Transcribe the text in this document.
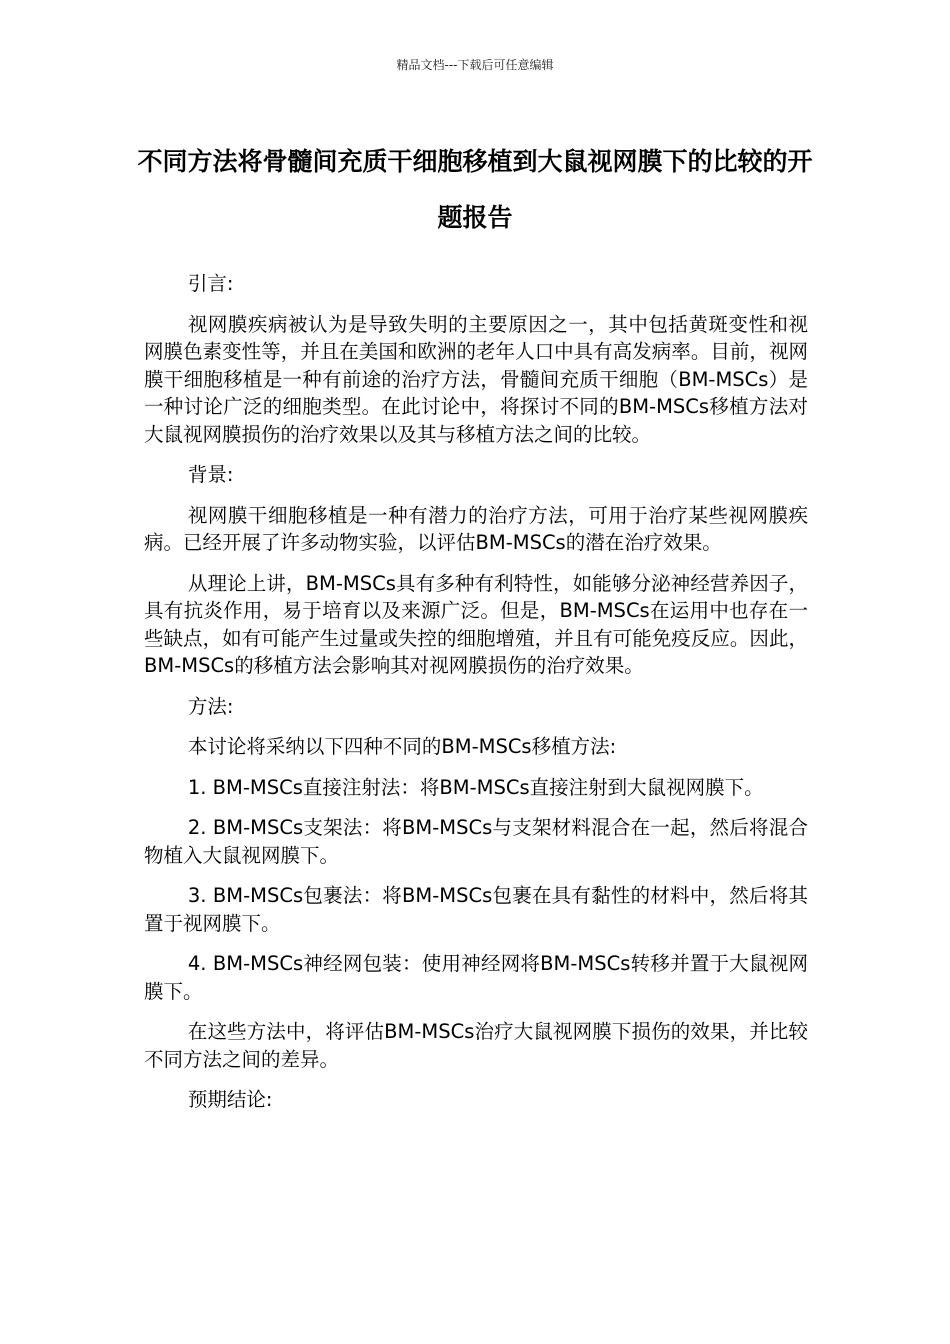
精品文档---下载后可任意编辑
不同方法将骨髓间充质干细胞移植到大鼠视网膜下的比较的开题报告

引言:

视网膜疾病被认为是导致失明的主要原因之一，其中包括黄斑变性和视网膜色素变性等，并且在美国和欧洲的老年人口中具有高发病率。目前，视网膜干细胞移植是一种有前途的治疗方法，骨髓间充质干细胞（BM-MSCs）是一种讨论广泛的细胞类型。在此讨论中，将探讨不同的BM-MSCs移植方法对大鼠视网膜损伤的治疗效果以及其与移植方法之间的比较。

背景:

视网膜干细胞移植是一种有潜力的治疗方法，可用于治疗某些视网膜疾病。已经开展了许多动物实验，以评估BM-MSCs的潜在治疗效果。

从理论上讲，BM-MSCs具有多种有利特性，如能够分泌神经营养因子，具有抗炎作用，易于培育以及来源广泛。但是，BM-MSCs在运用中也存在一些缺点，如有可能产生过量或失控的细胞增殖，并且有可能免疫反应。因此，BM-MSCs的移植方法会影响其对视网膜损伤的治疗效果。

方法:

本讨论将采纳以下四种不同的BM-MSCs移植方法:

1. BM-MSCs直接注射法：将BM-MSCs直接注射到大鼠视网膜下。

2. BM-MSCs支架法：将BM-MSCs与支架材料混合在一起，然后将混合物植入大鼠视网膜下。

3. BM-MSCs包裹法：将BM-MSCs包裹在具有黏性的材料中，然后将其置于视网膜下。

4. BM-MSCs神经网包装：使用神经网将BM-MSCs转移并置于大鼠视网膜下。

在这些方法中，将评估BM-MSCs治疗大鼠视网膜下损伤的效果，并比较不同方法之间的差异。

预期结论:
